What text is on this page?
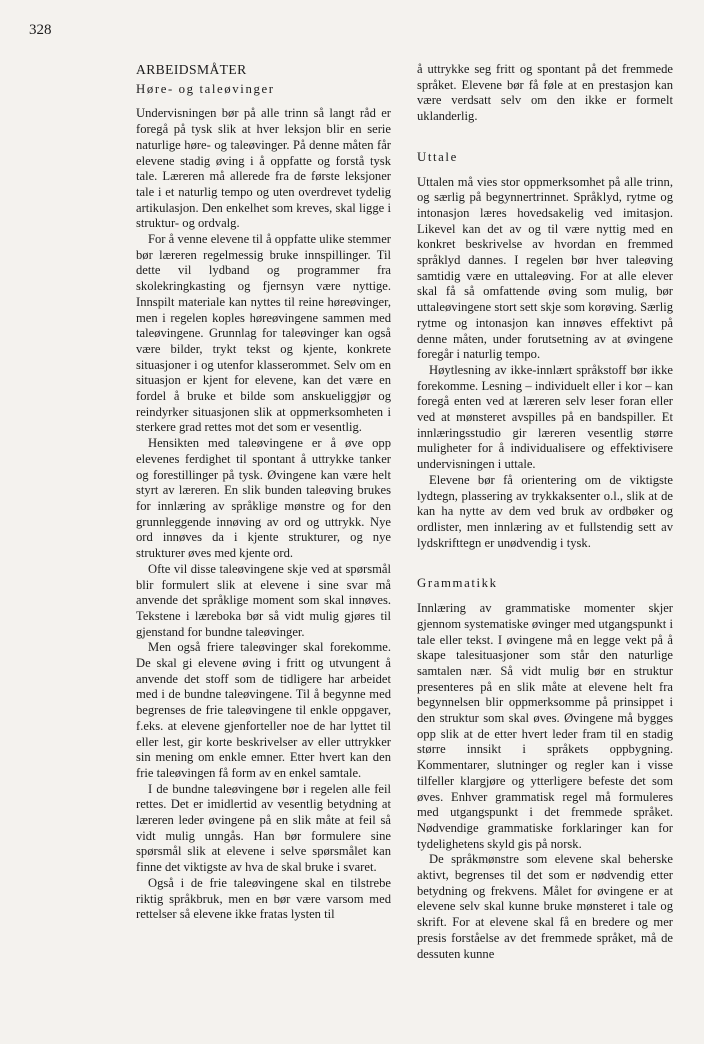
328
ARBEIDSMÅTER
Høre- og taleøvinger

Undervisningen bør på alle trinn så langt råd er foregå på tysk slik at hver leksjon blir en serie naturlige høre- og taleøvinger. På denne måten får elevene stadig øving i å oppfatte og forstå tysk tale. Læreren må allerede fra de første leksjoner tale i et naturlig tempo og uten overdrevet tydelig artikulasjon. Den enkelhet som kreves, skal ligge i struktur- og ordvalg.

For å venne elevene til å oppfatte ulike stemmer bør læreren regelmessig bruke innspillinger. Til dette vil lydband og programmer fra skolekringkasting og fjernsyn være nyttige. Innspilt materiale kan nyttes til reine høreøvinger, men i regelen koples høreøvingene sammen med taleøvingene. Grunnlag for taleøvinger kan også være bilder, trykt tekst og kjente, konkrete situasjoner i og utenfor klasserommet. Selv om en situasjon er kjent for elevene, kan det være en fordel å bruke et bilde som anskueliggjør og reindyrker situasjonen slik at oppmerksomheten i sterkere grad rettes mot det som er vesentlig.

Hensikten med taleøvingene er å øve opp elevenes ferdighet til spontant å uttrykke tanker og forestillinger på tysk. Øvingene kan være helt styrt av læreren. En slik bunden taleøving brukes for innlæring av språklige mønstre og for den grunnleggende innøving av ord og uttrykk. Nye ord innøves da i kjente strukturer, og nye strukturer øves med kjente ord.

Ofte vil disse taleøvingene skje ved at spørsmål blir formulert slik at elevene i sine svar må anvende det språklige moment som skal innøves. Tekstene i læreboka bør så vidt mulig gjøres til gjenstand for bundne taleøvinger.

Men også friere taleøvinger skal forekomme. De skal gi elevene øving i fritt og utvungent å anvende det stoff som de tidligere har arbeidet med i de bundne taleøvingene. Til å begynne med begrenses de frie taleøvingene til enkle oppgaver, f.eks. at elevene gjenforteller noe de har lyttet til eller lest, gir korte beskrivelser av eller uttrykker sin mening om enkle emner. Etter hvert kan den frie taleøvingen få form av en enkel samtale.

I de bundne taleøvingene bør i regelen alle feil rettes. Det er imidlertid av vesentlig betydning at læreren leder øvingene på en slik måte at feil så vidt mulig unngås. Han bør formulere sine spørsmål slik at elevene i selve spørsmålet kan finne det viktigste av hva de skal bruke i svaret.

Også i de frie taleøvingene skal en tilstrebe riktig språkbruk, men en bør være varsom med rettelser så elevene ikke fratas lysten til

å uttrykke seg fritt og spontant på det fremmede språket. Elevene bør få føle at en prestasjon kan være verdsatt selv om den ikke er formelt uklanderlig.

Uttale

Uttalen må vies stor oppmerksomhet på alle trinn, og særlig på begynnertrinnet. Språklyd, rytme og intonasjon læres hovedsakelig ved imitasjon. Likevel kan det av og til være nyttig med en konkret beskrivelse av hvordan en fremmed språklyd dannes. I regelen bør hver taleøving samtidig være en uttaleøving. For at alle elever skal få så omfattende øving som mulig, bør uttaleøvingene stort sett skje som korøving. Særlig rytme og intonasjon kan innøves effektivt på denne måten, under forutsetning av at øvingene foregår i naturlig tempo.

Høytlesning av ikke-innlært språkstoff bør ikke forekomme. Lesning – individuelt eller i kor – kan foregå enten ved at læreren selv leser foran eller ved at mønsteret avspilles på en bandspiller. Et innlæringsstudio gir læreren vesentlig større muligheter for å individualisere og effektivisere undervisningen i uttale.

Elevene bør få orientering om de viktigste lydtegn, plassering av trykkaksenter o.l., slik at de kan ha nytte av dem ved bruk av ordbøker og ordlister, men innlæring av et fullstendig sett av lydskrifttegn er unødvendig i tysk.

Grammatikk

Innlæring av grammatiske momenter skjer gjennom systematiske øvinger med utgangspunkt i tale eller tekst. I øvingene må en legge vekt på å skape talesituasjoner som står den naturlige samtalen nær. Så vidt mulig bør en struktur presenteres på en slik måte at elevene helt fra begynnelsen blir oppmerksomme på prinsippet i den struktur som skal øves. Øvingene må bygges opp slik at de etter hvert leder fram til en stadig større innsikt i språkets oppbygning. Kommentarer, slutninger og regler kan i visse tilfeller klargjøre og ytterligere befeste det som øves. Enhver grammatisk regel må formuleres med utgangspunkt i det fremmede språket. Nødvendige grammatiske forklaringer kan for tydelighetens skyld gis på norsk.

De språkmønstre som elevene skal beherske aktivt, begrenses til det som er nødvendig etter betydning og frekvens. Målet for øvingene er at elevene selv skal kunne bruke mønsteret i tale og skrift. For at elevene skal få en bredere og mer presis forståelse av det fremmede språket, må de dessuten kunne
